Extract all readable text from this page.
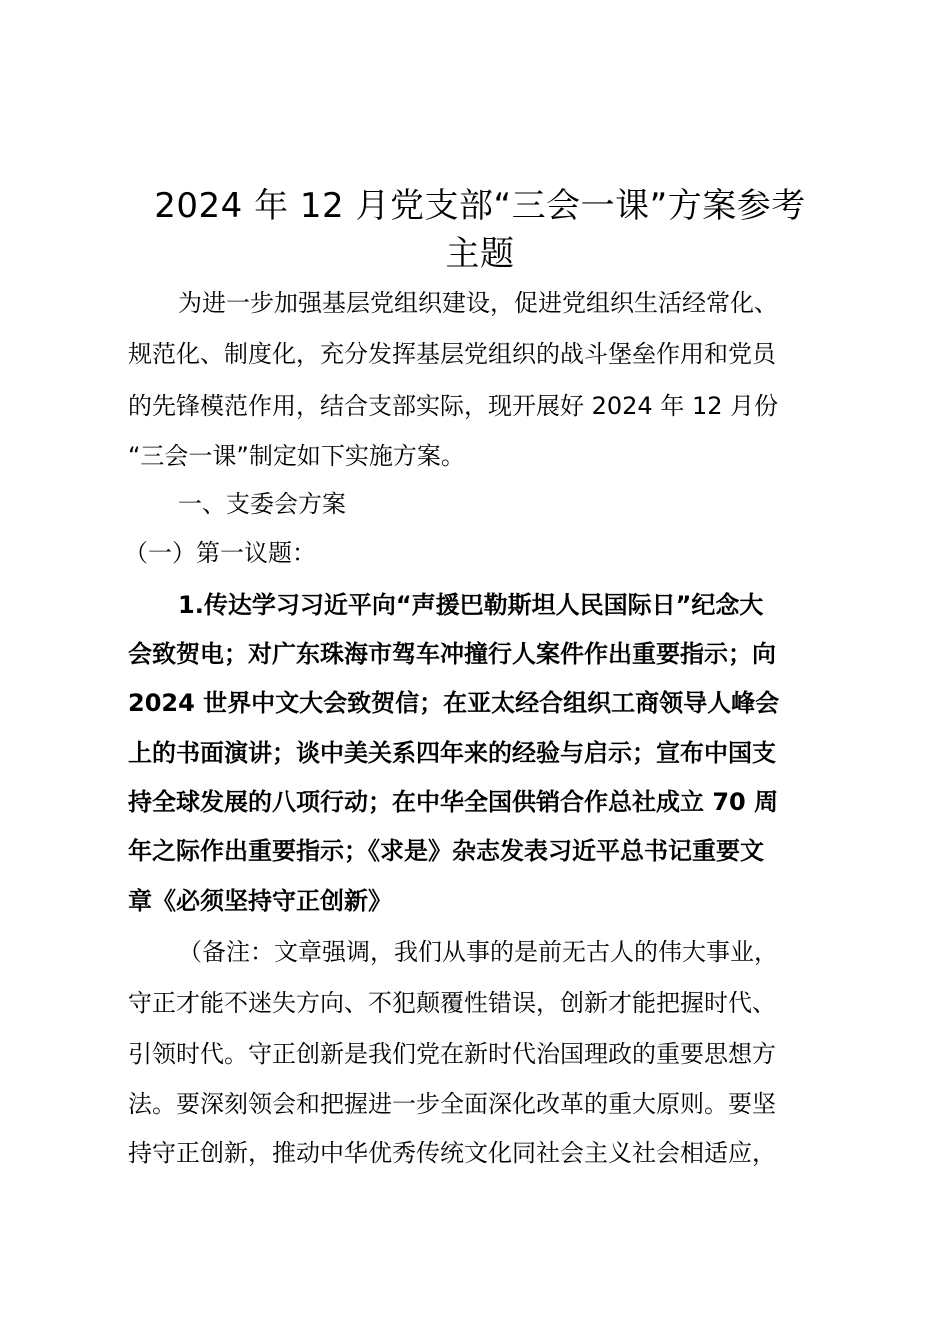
2024 年 12 月党支部“三会一课”方案参考
主题
为进一步加强基层党组织建设，促进党组织生活经常化、
规范化、制度化，充分发挥基层党组织的战斗堡垒作用和党员
的先锋模范作用，结合支部实际，现开展好 2024 年 12 月份
“三会一课”制定如下实施方案。
一、支委会方案
（一）第一议题：
1.传达学习习近平向“声援巴勒斯坦人民国际日”纪念大
会致贺电；对广东珠海市驾车冲撞行人案件作出重要指示；向
2024 世界中文大会致贺信；在亚太经合组织工商领导人峰会
上的书面演讲；谈中美关系四年来的经验与启示；宣布中国支
持全球发展的八项行动；在中华全国供销合作总社成立 70 周
年之际作出重要指示；《求是》杂志发表习近平总书记重要文
章《必须坚持守正创新》
（备注：文章强调，我们从事的是前无古人的伟大事业，
守正才能不迷失方向、不犯颠覆性错误，创新才能把握时代、
引领时代。守正创新是我们党在新时代治国理政的重要思想方
法。要深刻领会和把握进一步全面深化改革的重大原则。要坚
持守正创新，推动中华优秀传统文化同社会主义社会相适应，
